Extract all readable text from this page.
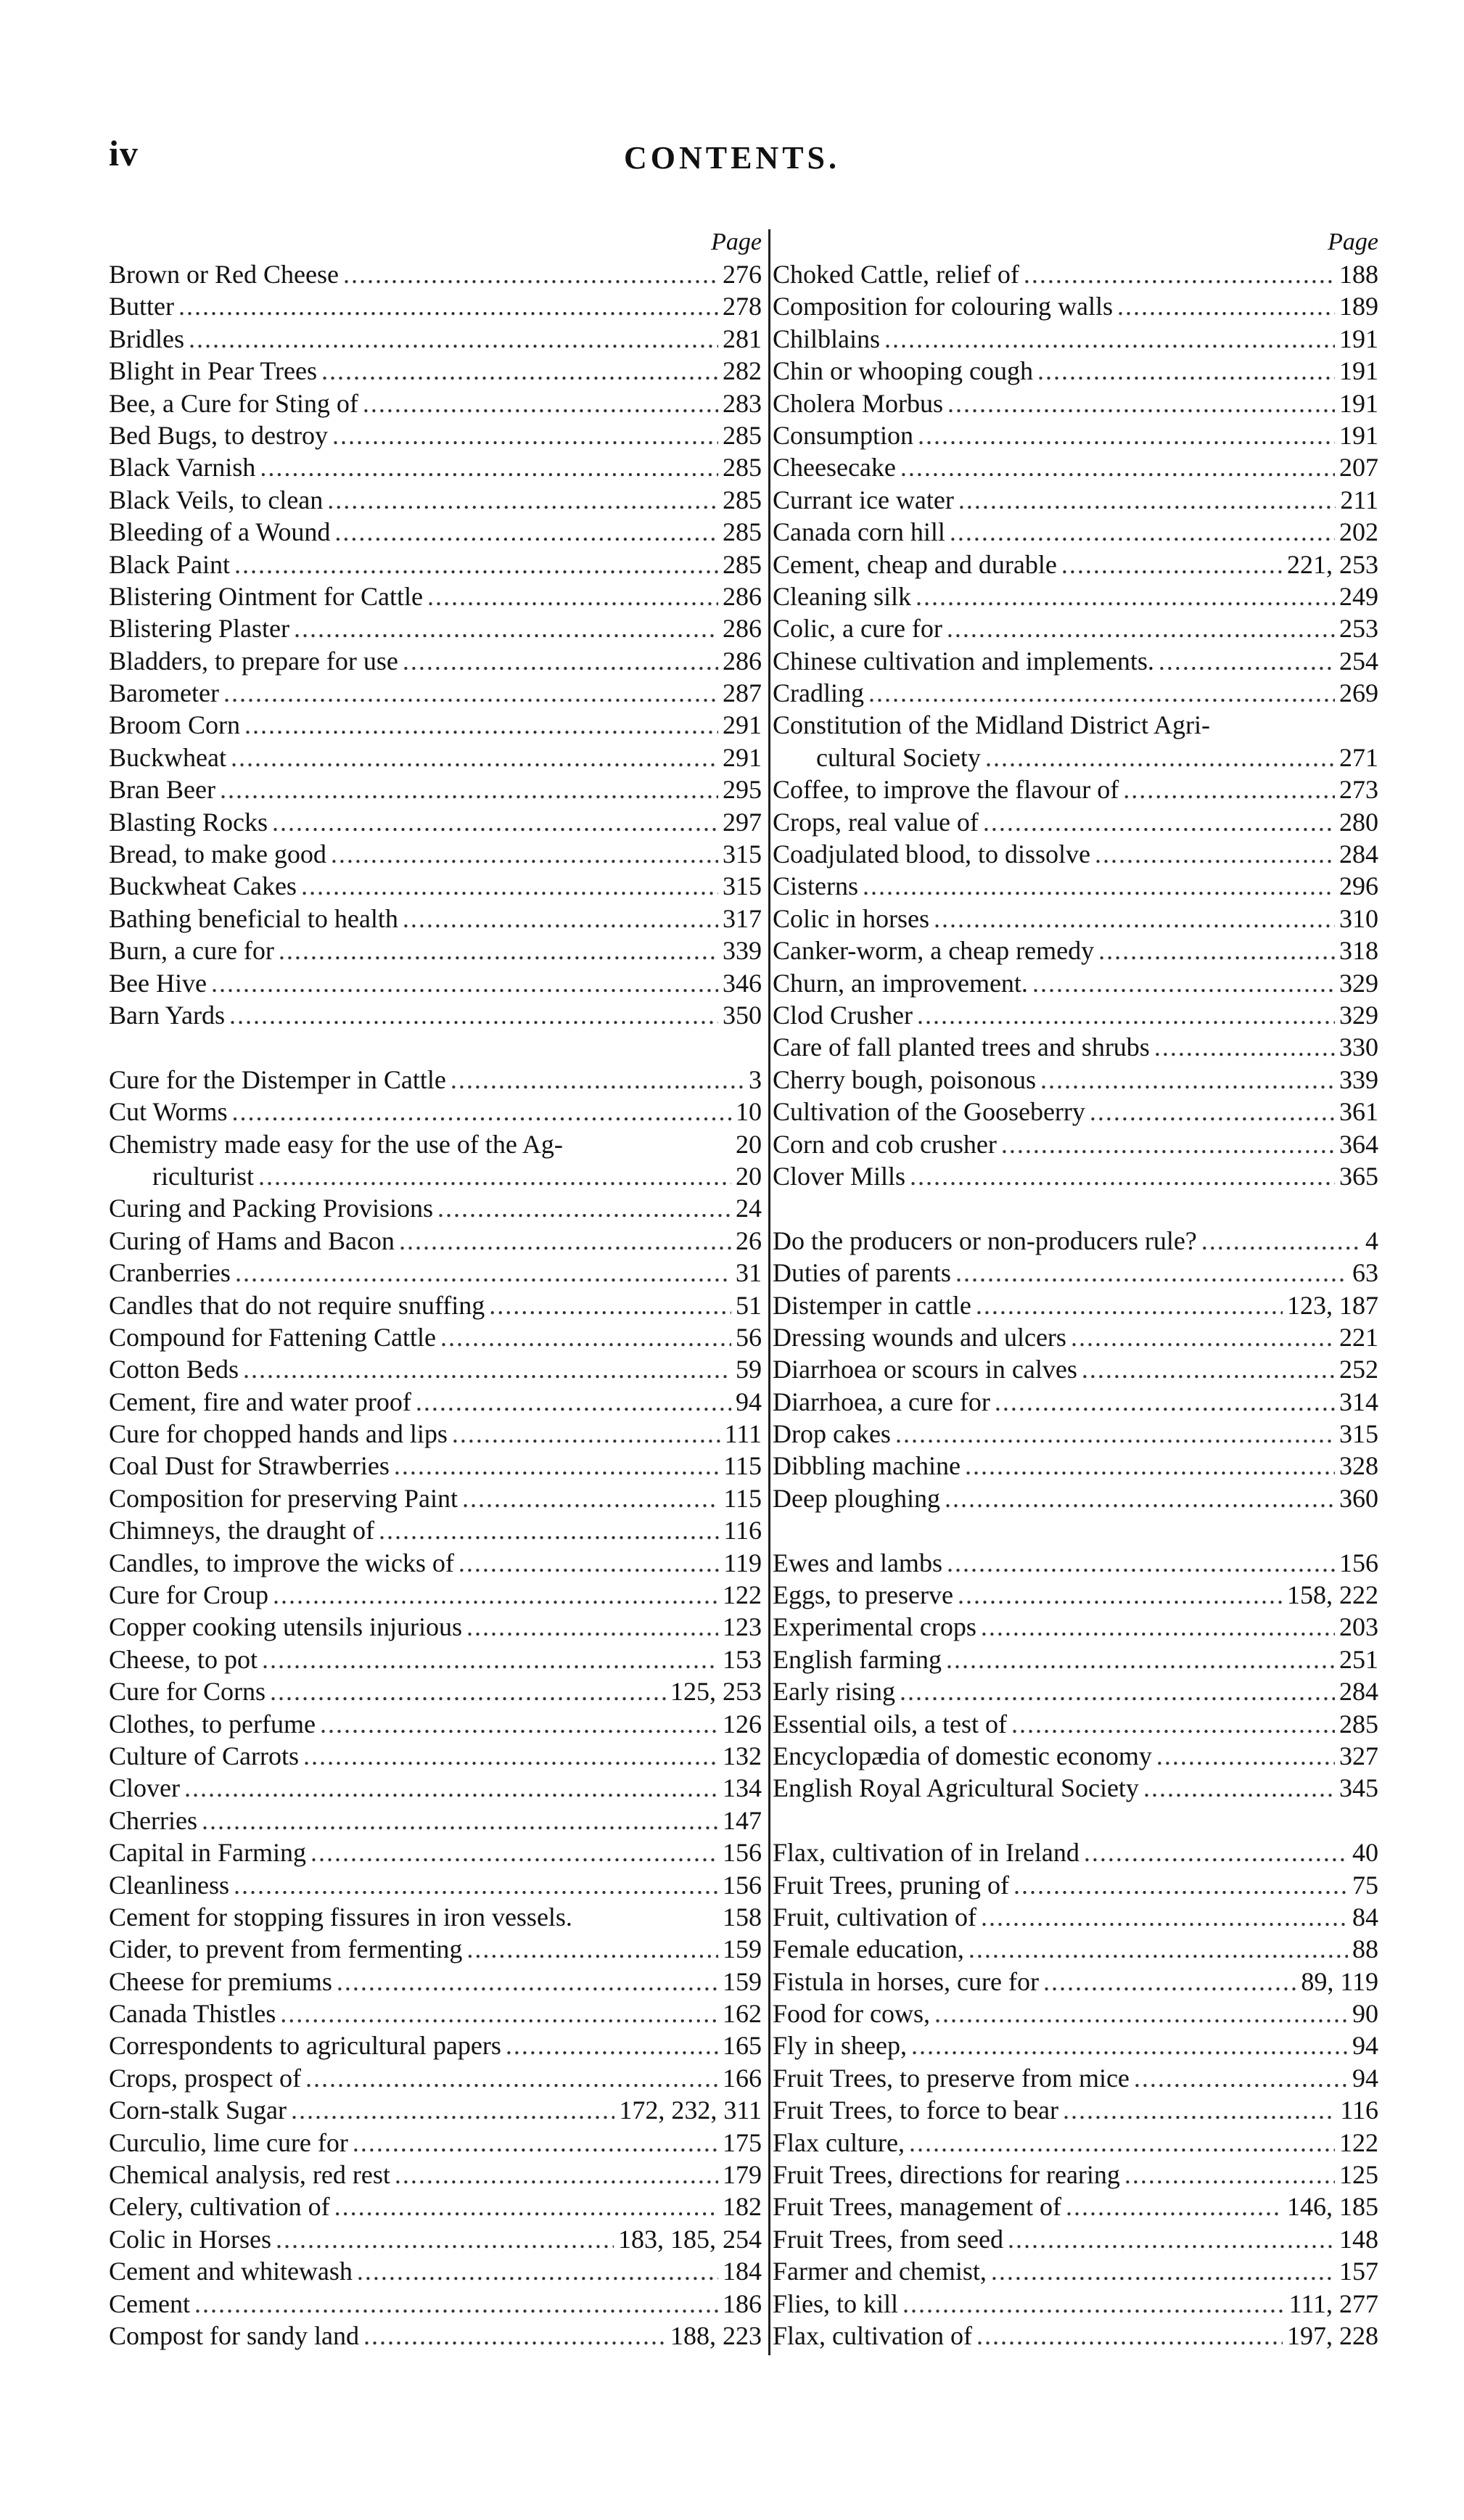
iv	CONTENTS.
Page
Brown or Red Cheese .....	276
Butter .....	278
Bridles .....	281
Blight in Pear Trees .....	282
Bee, a Cure for Sting of .....	283
Bed Bugs, to destroy .....	285
Black Varnish .....	285
Black Veils, to clean .....	285
Bleeding of a Wound .....	285
Black Paint .....	285
Blistering Ointment for Cattle .....	286
Blistering Plaster .....	286
Bladders, to prepare for use .....	286
Barometer .....	287
Broom Corn .....	291
Buckwheat .....	291
Bran Beer .....	295
Blasting Rocks .....	297
Bread, to make good .....	315
Buckwheat Cakes .....	315
Bathing beneficial to health .....	317
Burn, a cure for .....	339
Bee Hive .....	346
Barn Yards .....	350
Cure for the Distemper in Cattle .....	3
Cut Worms .....	10
Chemistry made easy for the use of the Ag-	20
riculturist .....	20
Curing and Packing Provisions .....	24
Curing of Hams and Bacon .....	26
Cranberries .....	31
Candles that do not require snuffing .....	51
Compound for Fattening Cattle .....	56
Cotton Beds .....	59
Cement, fire and water proof .....	94
Cure for chopped hands and lips .....	111
Coal Dust for Strawberries .....	115
Composition for preserving Paint .....	115
Chimneys, the draught of .....	116
Candles, to improve the wicks of .....	119
Cure for Croup .....	122
Copper cooking utensils injurious .....	123
Cheese, to pot .....	153
Cure for Corns .....	125, 253
Clothes, to perfume .....	126
Culture of Carrots .....	132
Clover .....	134
Cherries .....	147
Capital in Farming .....	156
Cleanliness .....	156
Cement for stopping fissures in iron vessels.	158
Cider, to prevent from fermenting .....	159
Cheese for premiums .....	159
Canada Thistles .....	162
Correspondents to agricultural papers .....	165
Crops, prospect of .....	166
Corn-stalk Sugar .....	172, 232, 311
Curculio, lime cure for .....	175
Chemical analysis, red rest .....	179
Celery, cultivation of .....	182
Colic in Horses .....	183, 185, 254
Cement and whitewash .....	184
Cement .....	186
Compost for sandy land .....	188, 223
Page
Choked Cattle, relief of .....	188
Composition for colouring walls .....	189
Chilblains .....	191
Chin or whooping cough .....	191
Cholera Morbus .....	191
Consumption .....	191
Cheesecake .....	207
Currant ice water .....	211
Canada corn hill .....	202
Cement, cheap and durable .....	221, 253
Cleaning silk .....	249
Colic, a cure for .....	253
Chinese cultivation and implements. .....	254
Cradling .....	269
Constitution of the Midland District Agri-
cultural Society .....	271
Coffee, to improve the flavour of .....	273
Crops, real value of .....	280
Coadjulated blood, to dissolve .....	284
Cisterns .....	296
Colic in horses .....	310
Canker-worm, a cheap remedy .....	318
Churn, an improvement. .....	329
Clod Crusher .....	329
Care of fall planted trees and shrubs .....	330
Cherry bough, poisonous .....	339
Cultivation of the Gooseberry .....	361
Corn and cob crusher .....	364
Clover Mills .....	365
Do the producers or non-producers rule? .....	4
Duties of parents .....	63
Distemper in cattle .....	123, 187
Dressing wounds and ulcers .....	221
Diarrhoea or scours in calves .....	252
Diarrhoea, a cure for .....	314
Drop cakes .....	315
Dibbling machine .....	328
Deep ploughing .....	360
Ewes and lambs .....	156
Eggs, to preserve .....	158, 222
Experimental crops .....	203
English farming .....	251
Early rising .....	284
Essential oils, a test of .....	285
Encyclopædia of domestic economy .....	327
English Royal Agricultural Society .....	345
Flax, cultivation of in Ireland .....	40
Fruit Trees, pruning of .....	75
Fruit, cultivation of .....	84
Female education, .....	88
Fistula in horses, cure for .....	89, 119
Food for cows, .....	90
Fly in sheep, .....	94
Fruit Trees, to preserve from mice .....	94
Fruit Trees, to force to bear .....	116
Flax culture, .....	122
Fruit Trees, directions for rearing .....	125
Fruit Trees, management of .....	146, 185
Fruit Trees, from seed .....	148
Farmer and chemist, .....	157
Flies, to kill .....	111, 277
Flax, cultivation of .....	197, 228
